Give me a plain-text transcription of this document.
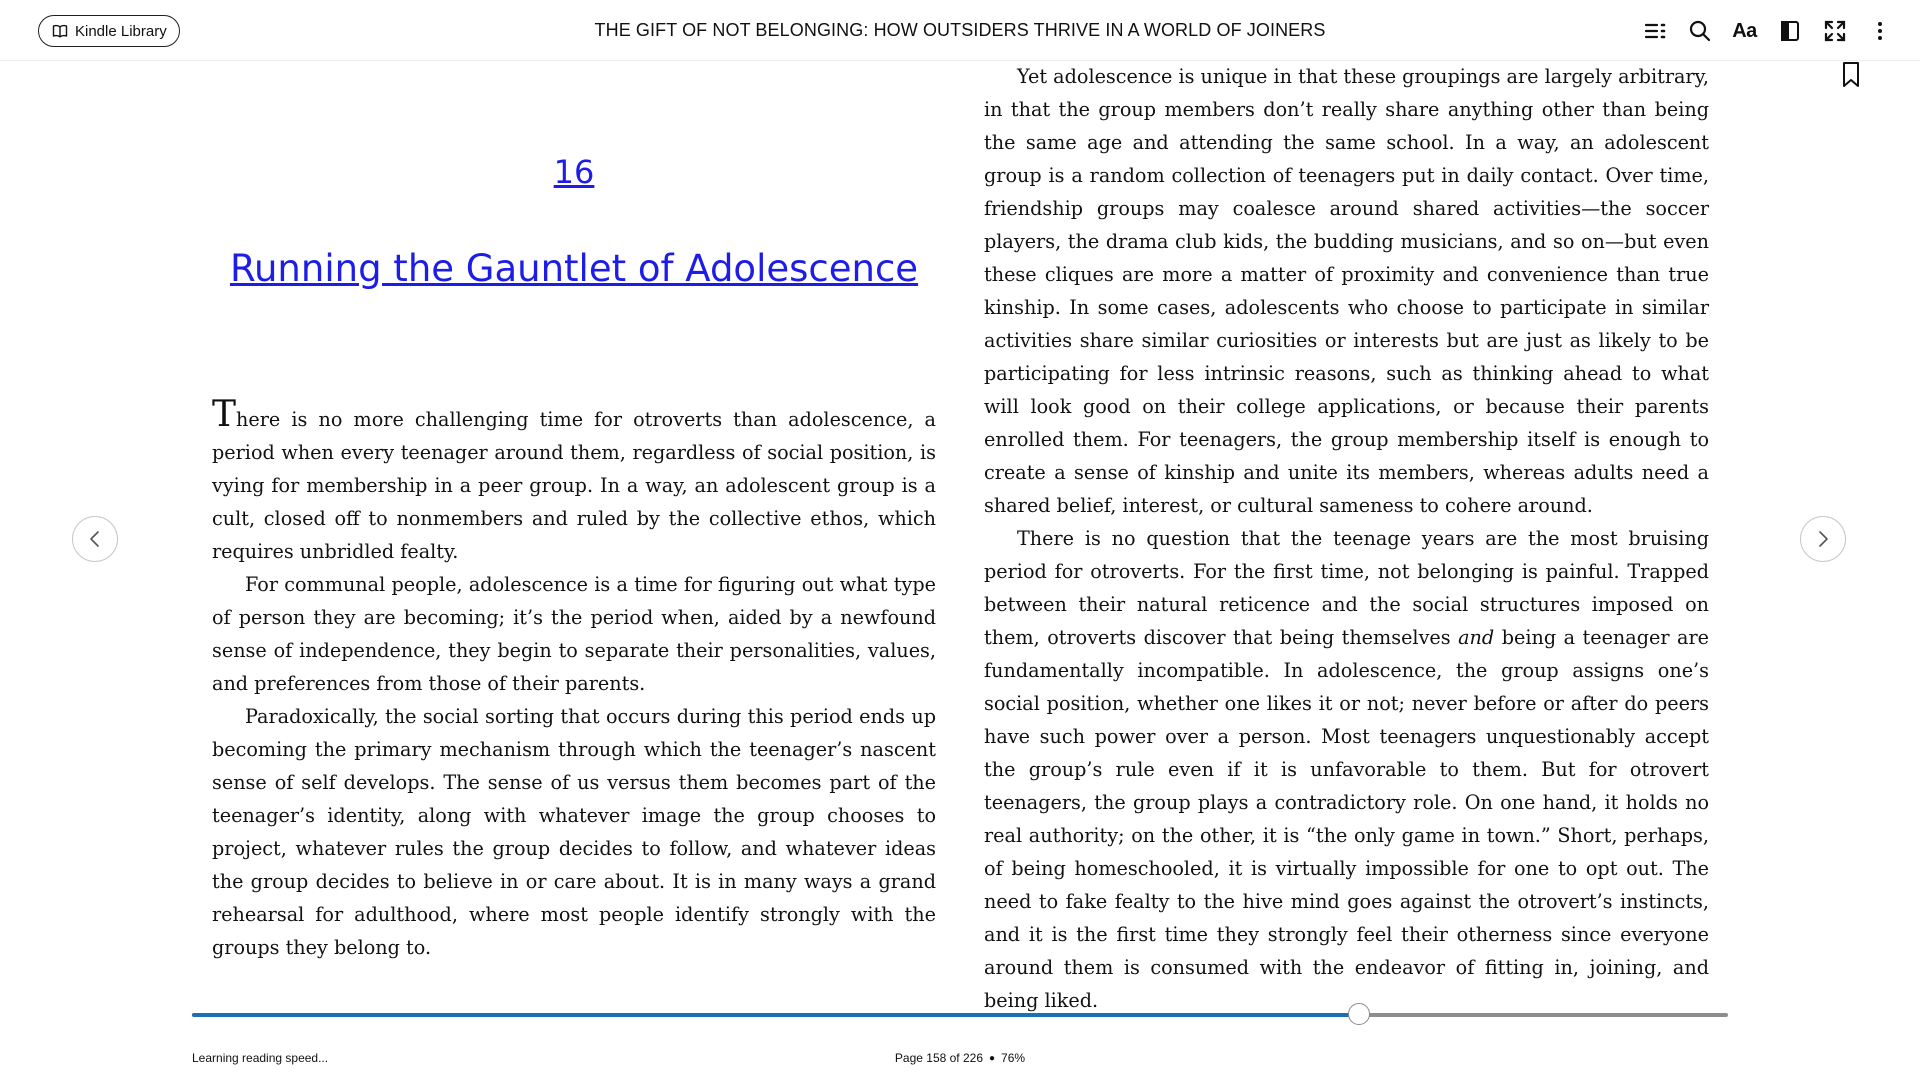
Kindle Library	THE GIFT OF NOT BELONGING: HOW OUTSIDERS THRIVE IN A WORLD OF JOINERS	Aa
16
Running the Gauntlet of Adolescence

There is no more challenging time for otroverts than adolescence, a period when every teenager around them, regardless of social position, is vying for membership in a peer group. In a way, an adolescent group is a cult, closed off to nonmembers and ruled by the collective ethos, which requires unbridled fealty.

For communal people, adolescence is a time for figuring out what type of person they are becoming; it’s the period when, aided by a newfound sense of independence, they begin to separate their personalities, values, and preferences from those of their parents.

Paradoxically, the social sorting that occurs during this period ends up becoming the primary mechanism through which the teenager’s nascent sense of self develops. The sense of us versus them becomes part of the teenager’s identity, along with whatever image the group chooses to project, whatever rules the group decides to follow, and whatever ideas the group decides to believe in or care about. It is in many ways a grand rehearsal for adulthood, where most people identify strongly with the groups they belong to.

Yet adolescence is unique in that these groupings are largely arbitrary, in that the group members don’t really share anything other than being the same age and attending the same school. In a way, an adolescent group is a random collection of teenagers put in daily contact. Over time, friendship groups may coalesce around shared activities—the soccer players, the drama club kids, the budding musicians, and so on—but even these cliques are more a matter of proximity and convenience than true kinship. In some cases, adolescents who choose to participate in similar activities share similar curiosities or interests but are just as likely to be participating for less intrinsic reasons, such as thinking ahead to what will look good on their college applications, or because their parents enrolled them. For teenagers, the group membership itself is enough to create a sense of kinship and unite its members, whereas adults need a shared belief, interest, or cultural sameness to cohere around.

There is no question that the teenage years are the most bruising period for otroverts. For the first time, not belonging is painful. Trapped between their natural reticence and the social structures imposed on them, otroverts discover that being themselves and being a teenager are fundamentally incompatible. In adolescence, the group assigns one’s social position, whether one likes it or not; never before or after do peers have such power over a person. Most teenagers unquestionably accept the group’s rule even if it is unfavorable to them. But for otrovert teenagers, the group plays a contradictory role. On one hand, it holds no real authority; on the other, it is “the only game in town.” Short, perhaps, of being homeschooled, it is virtually impossible for one to opt out. The need to fake fealty to the hive mind goes against the otrovert’s instincts, and it is the first time they strongly feel their otherness since everyone around them is consumed with the endeavor of fitting in, joining, and being liked.

Learning reading speed...	Page 158 of 226 ● 76%
